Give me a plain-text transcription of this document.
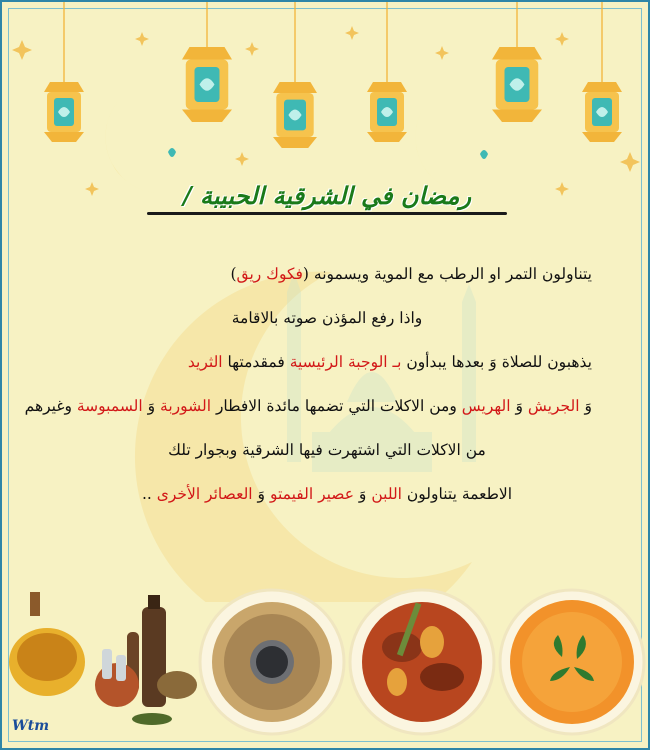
رمضان في الشرقية الحبيبة /
يتناولون التمر او الرطب مع الموية ويسمونه (فكوك ريق)
واذا رفع المؤذن صوته بالاقامة
يذهبون للصلاة وَ بعدها يبدأون بـ الوجبة الرئيسية فمقدمتها الثريد
وَ الجريش وَ الهريس ومن الاكلات التي تضمها مائدة الافطار الشوربة وَ السمبوسة وغيرهم
من الاكلات التي اشتهرت فيها الشرقية وبجوار تلك
الاطعمة يتناولون اللبن وَ عصير الفيمتو وَ العصائر الأخرى ..
Wtm
